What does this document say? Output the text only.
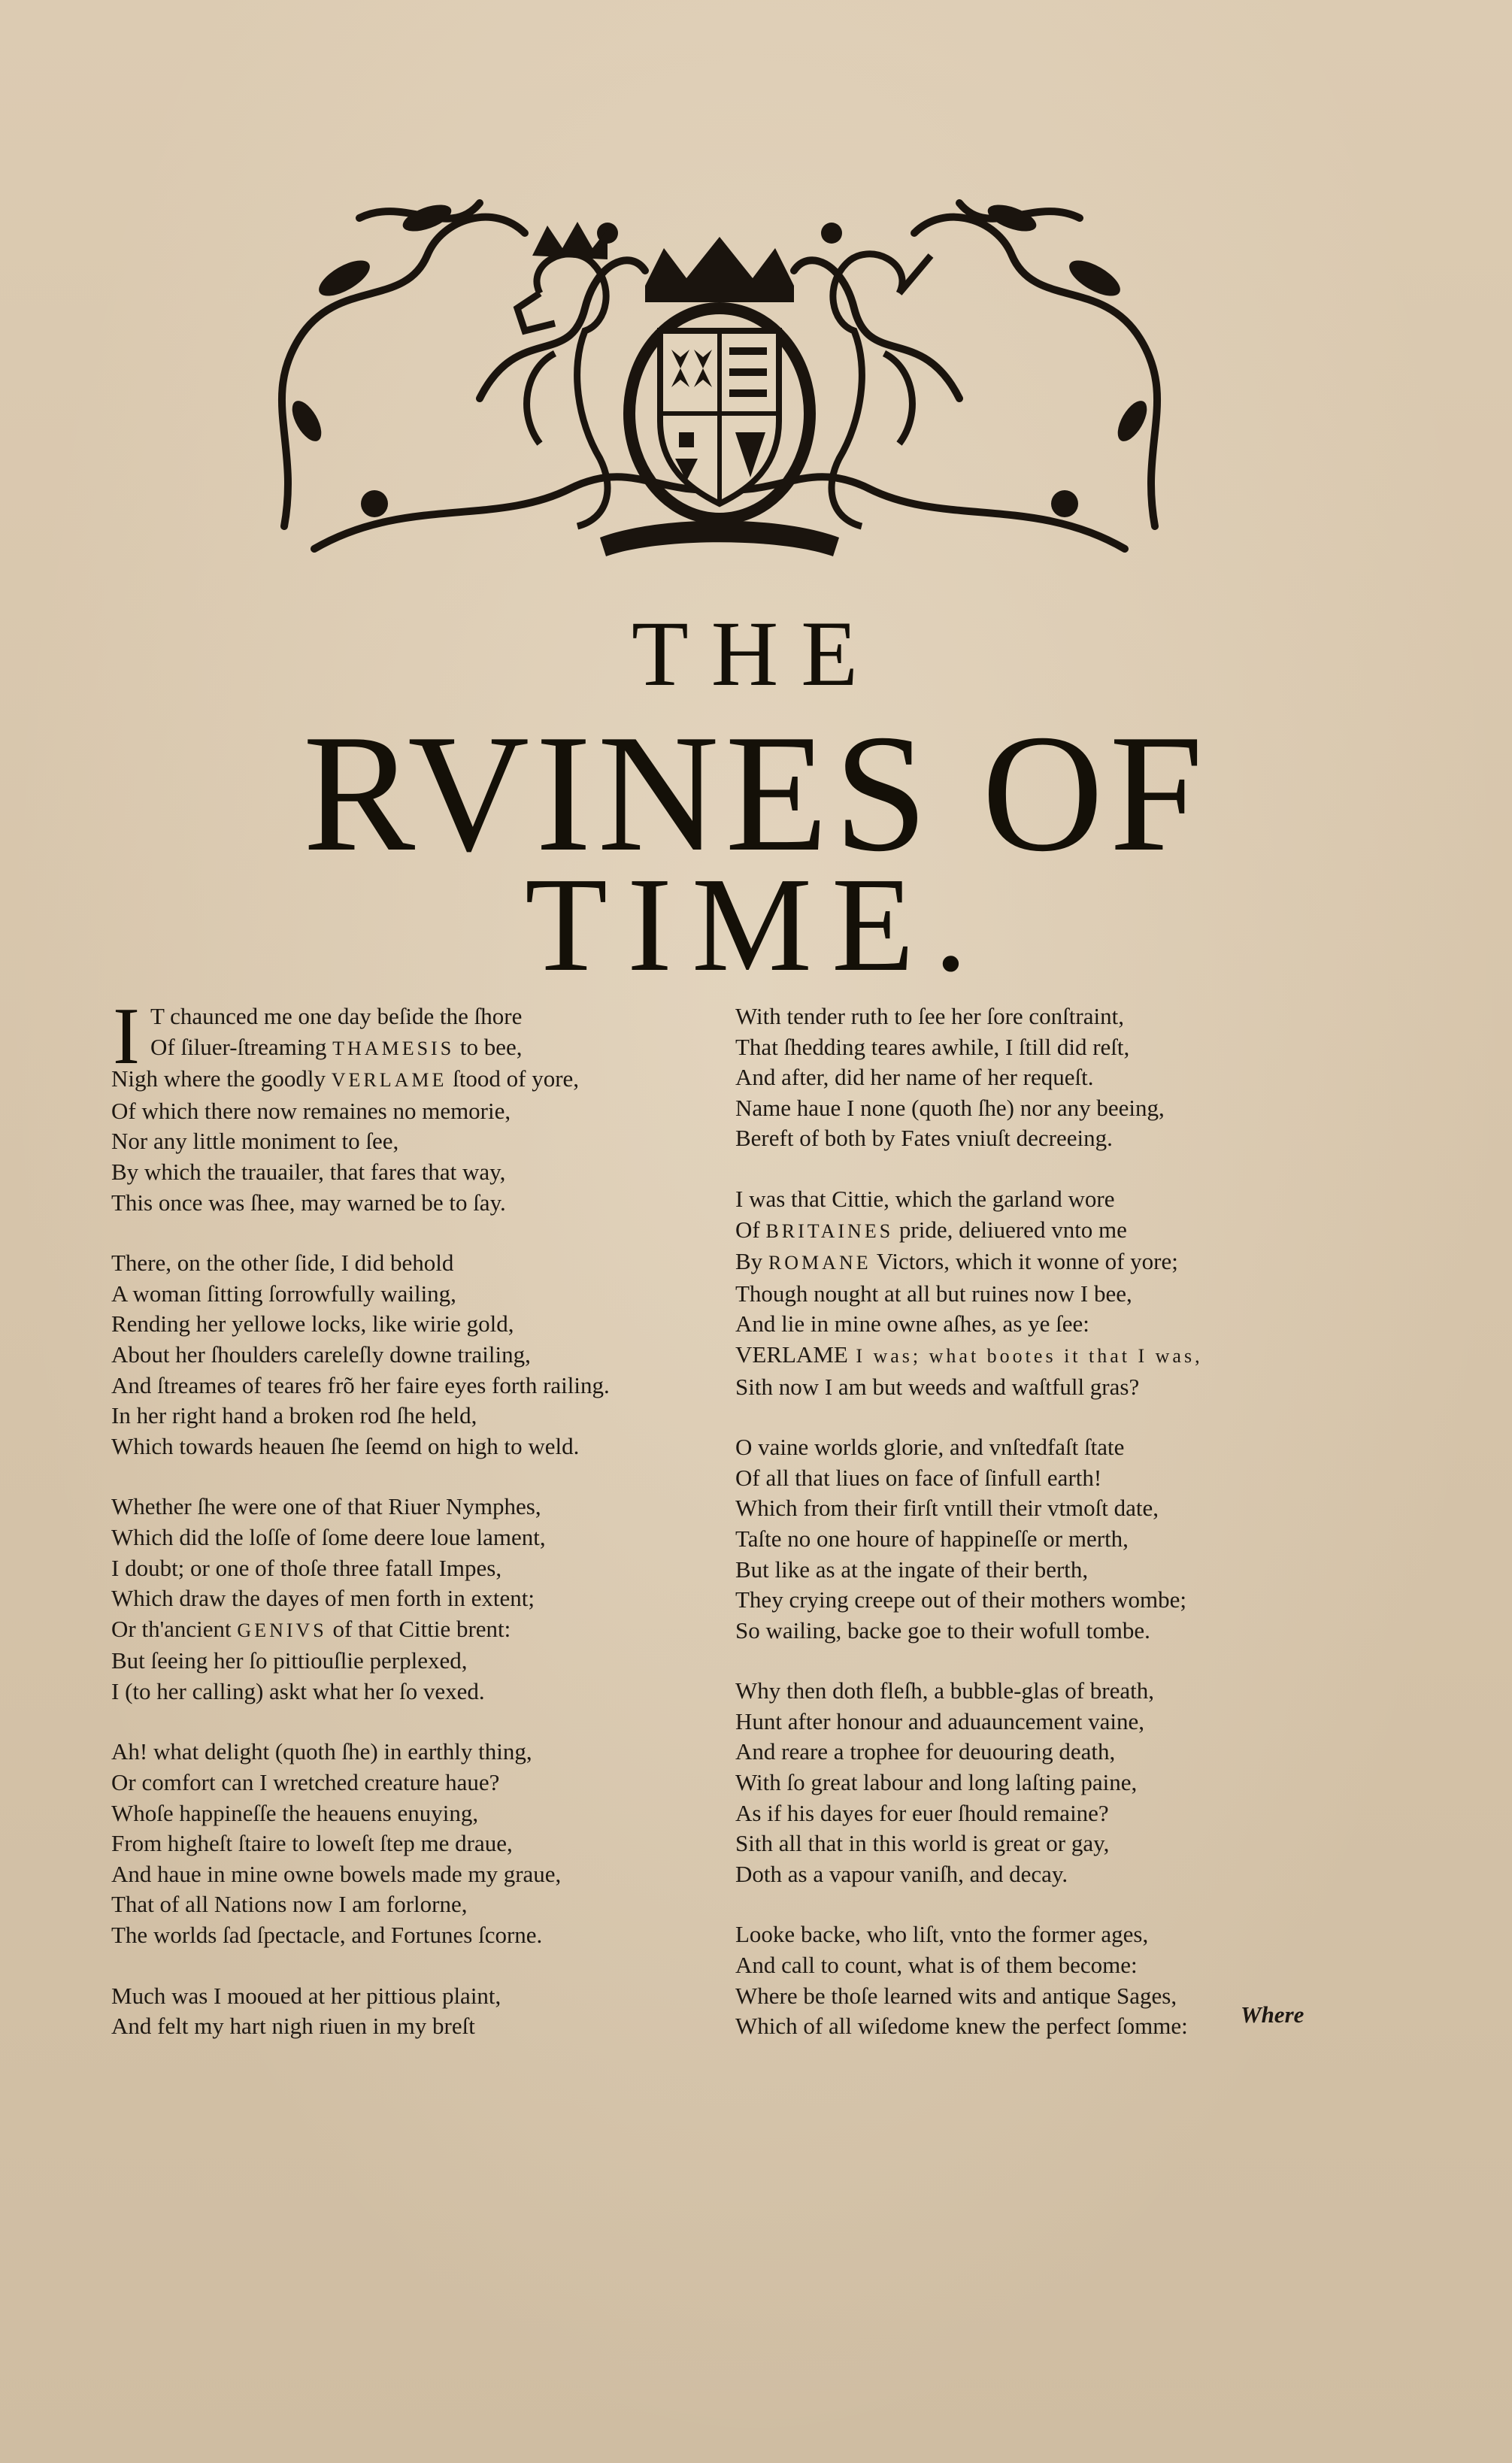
THE
RVINES OF
TIME.
I T chaunced me one day beſide the ſhore
Of ſiluer-ſtreaming THAMESIS to bee,
Nigh where the goodly VERLAME ſtood of yore,
Of which there now remaines no memorie,
Nor any little moniment to ſee,
By which the trauailer, that fares that way,
This once was ſhee, may warned be to ſay.
There, on the other ſide, I did behold
A woman ſitting ſorrowfully wailing,
Rending her yellowe locks, like wirie gold,
About her ſhoulders careleſly downe trailing,
And ſtreames of teares frõ her faire eyes forth railing.
In her right hand a broken rod ſhe held,
Which towards heauen ſhe ſeemd on high to weld.
Whether ſhe were one of that Riuer Nymphes,
Which did the loſſe of ſome deere loue lament,
I doubt; or one of thoſe three fatall Impes,
Which draw the dayes of men forth in extent;
Or th'ancient GENIVS of that Cittie brent:
But ſeeing her ſo pittiouſlie perplexed,
I (to her calling) askt what her ſo vexed.
Ah! what delight (quoth ſhe) in earthly thing,
Or comfort can I wretched creature haue?
Whoſe happineſſe the heauens enuying,
From higheſt ſtaire to loweſt ſtep me draue,
And haue in mine owne bowels made my graue,
That of all Nations now I am forlorne,
The worlds ſad ſpectacle, and Fortunes ſcorne.
Much was I mooued at her pittious plaint,
And felt my hart nigh riuen in my breſt
With tender ruth to ſee her ſore conſtraint,
That ſhedding teares awhile, I ſtill did reſt,
And after, did her name of her requeſt.
Name haue I none (quoth ſhe) nor any beeing,
Bereft of both by Fates vniuſt decreeing.
I was that Cittie, which the garland wore
Of BRITAINES pride, deliuered vnto me
By ROMANE Victors, which it wonne of yore;
Though nought at all but ruines now I bee,
And lie in mine owne aſhes, as ye ſee:
VERLAME I was; what bootes it that I was,
Sith now I am but weeds and waſtfull gras?
O vaine worlds glorie, and vnſtedfaſt ſtate
Of all that liues on face of ſinfull earth!
Which from their firſt vntill their vtmoſt date,
Taſte no one houre of happineſſe or merth,
But like as at the ingate of their berth,
They crying creepe out of their mothers wombe;
So wailing, backe goe to their wofull tombe.
Why then doth fleſh, a bubble-glas of breath,
Hunt after honour and aduauncement vaine,
And reare a trophee for deuouring death,
With ſo great labour and long laſting paine,
As if his dayes for euer ſhould remaine?
Sith all that in this world is great or gay,
Doth as a vapour vaniſh, and decay.
Looke backe, who liſt, vnto the former ages,
And call to count, what is of them become:
Where be thoſe learned wits and antique Sages,
Which of all wiſedome knew the perfect ſomme:	Where
